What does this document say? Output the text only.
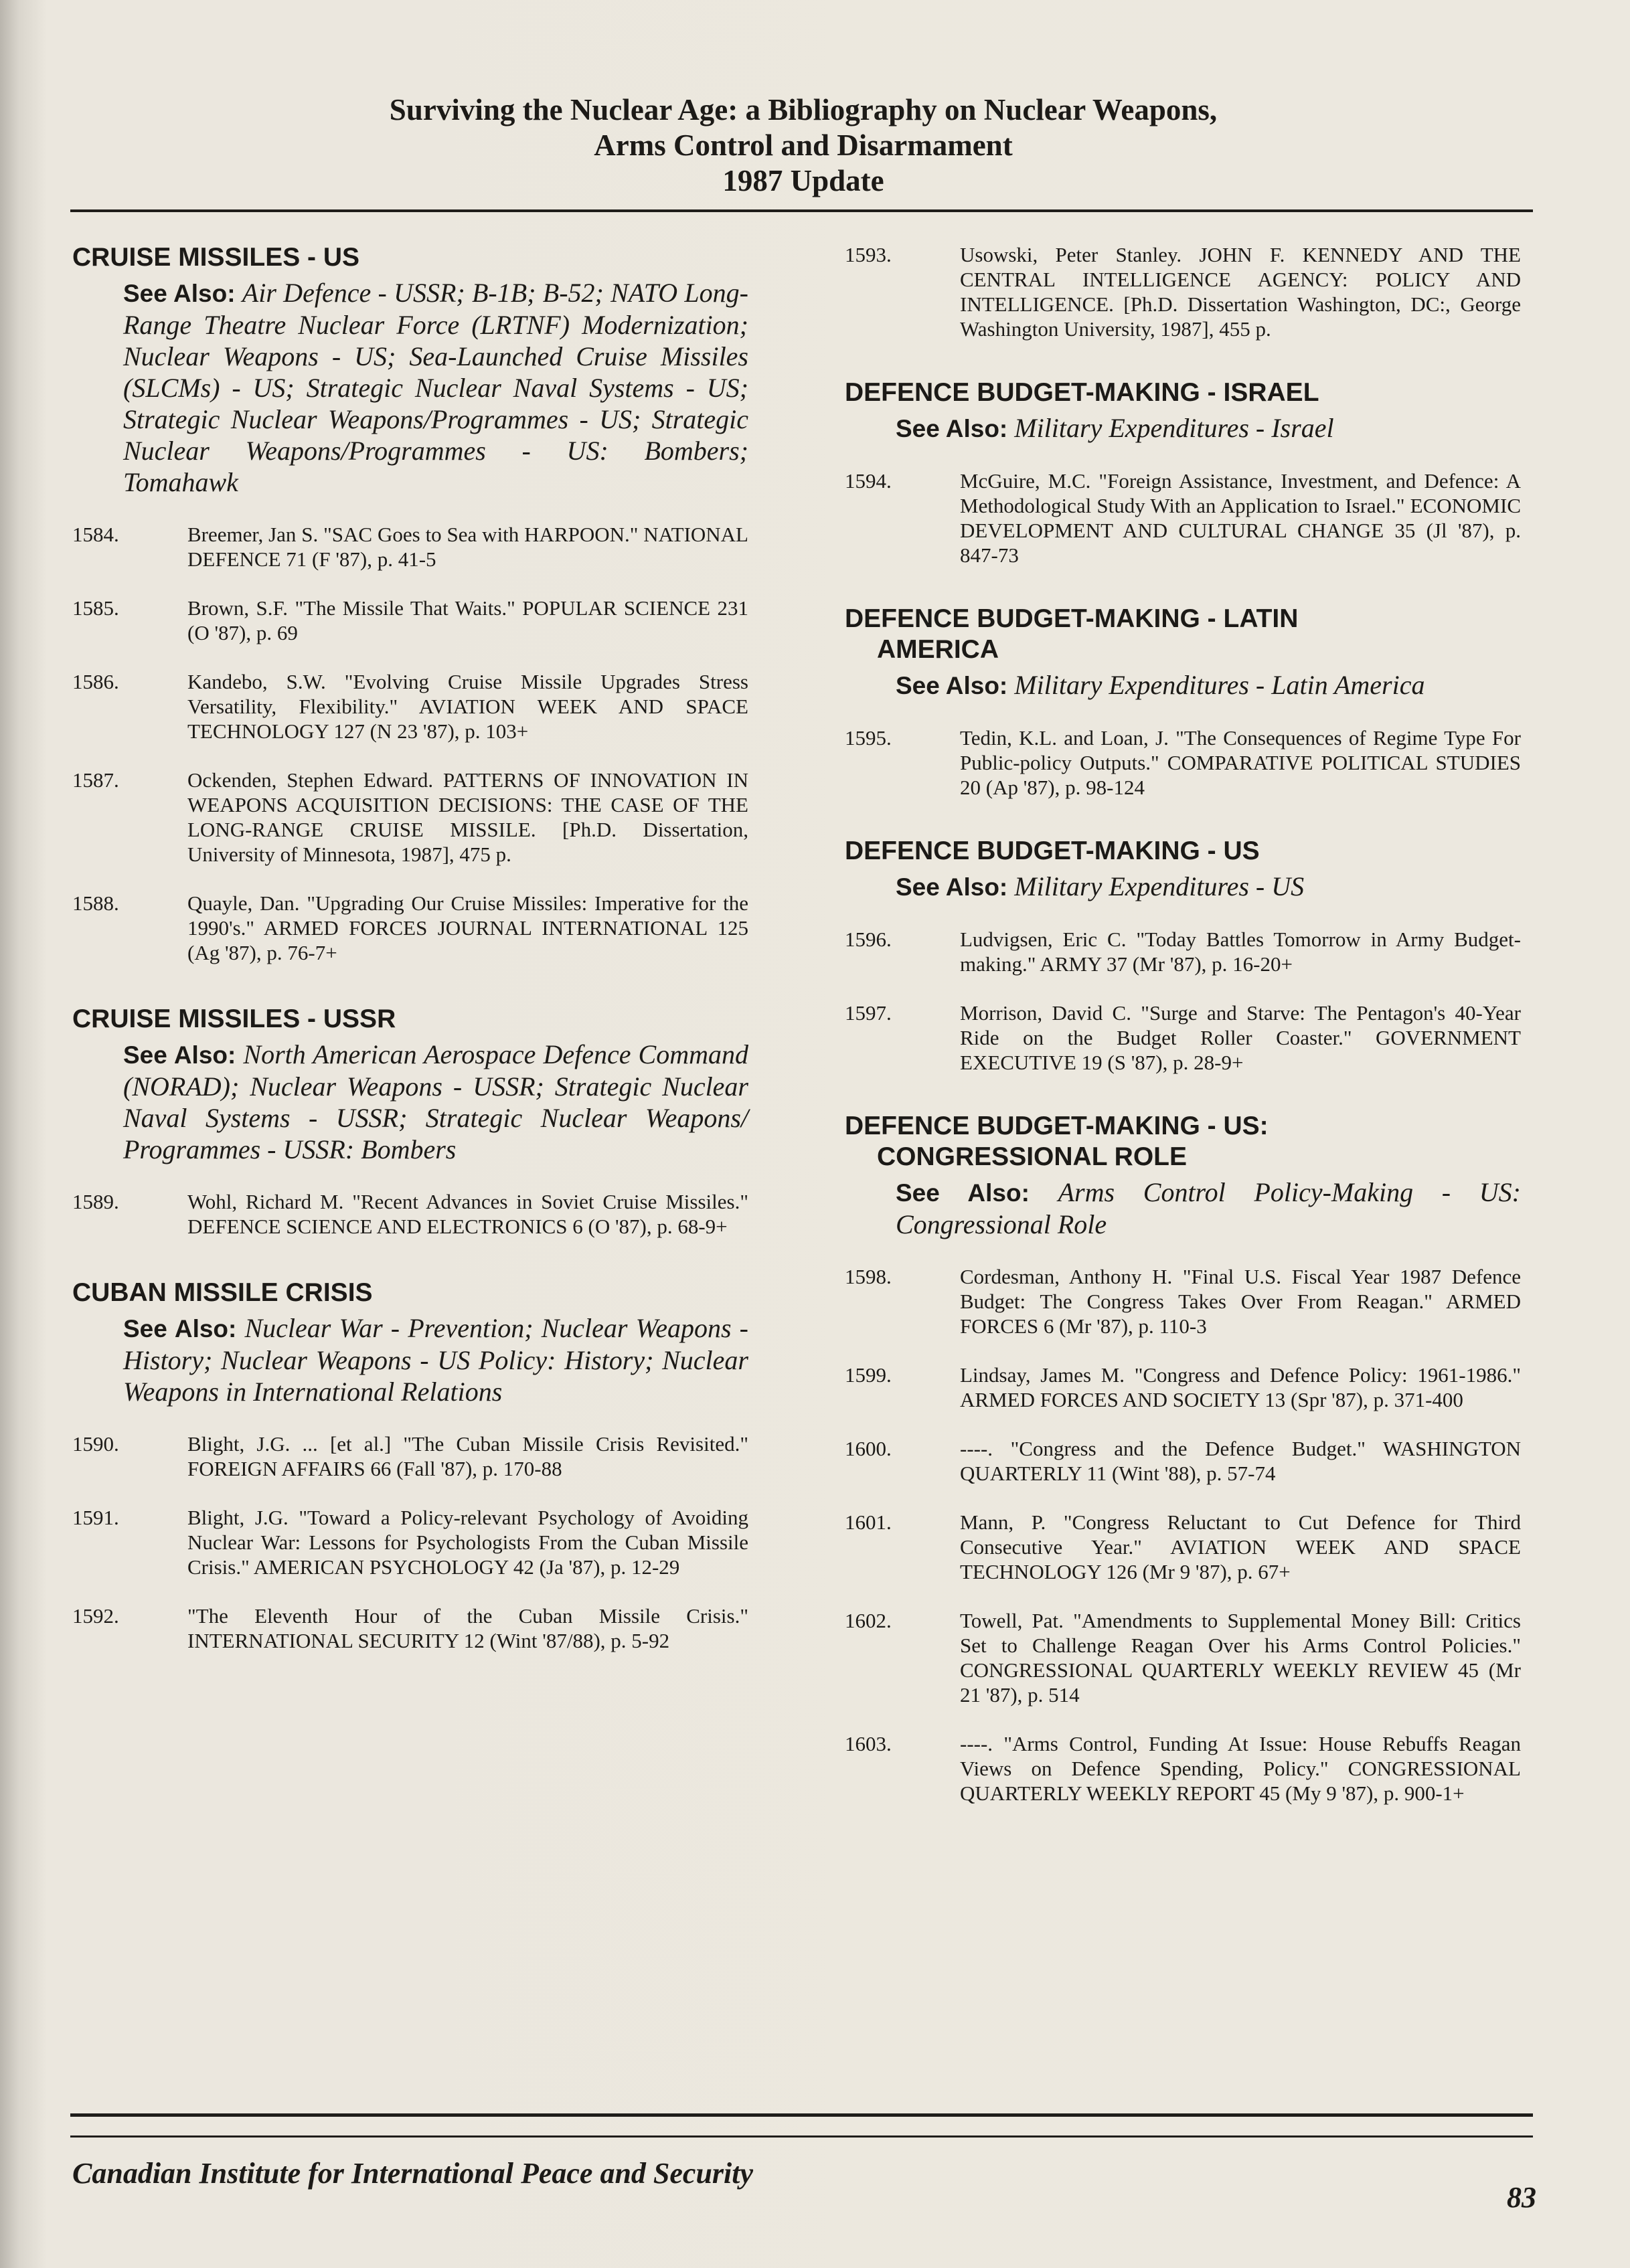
Surviving the Nuclear Age: a Bibliography on Nuclear Weapons,
Arms Control and Disarmament
1987 Update
CRUISE MISSILES - US
See Also: Air Defence - USSR; B-1B; B-52; NATO Long-Range Theatre Nuclear Force (LRTNF) Modernization; Nuclear Weapons - US; Sea-Launched Cruise Missiles (SLCMs) - US; Strategic Nuclear Naval Systems - US; Strategic Nuclear Weapons/Programmes - US; Strategic Nuclear Weapons/Programmes - US: Bombers; Tomahawk
1584.	Breemer, Jan S. "SAC Goes to Sea with HARPOON." NATIONAL DEFENCE 71 (F '87), p. 41-5
1585.	Brown, S.F. "The Missile That Waits." POPULAR SCIENCE 231 (O '87), p. 69
1586.	Kandebo, S.W. "Evolving Cruise Missile Upgrades Stress Versatility, Flexibility." AVIATION WEEK AND SPACE TECHNOLOGY 127 (N 23 '87), p. 103+
1587.	Ockenden, Stephen Edward. PATTERNS OF INNOVATION IN WEAPONS ACQUISITION DECISIONS: THE CASE OF THE LONG-RANGE CRUISE MISSILE. [Ph.D. Dissertation, University of Minnesota, 1987], 475 p.
1588.	Quayle, Dan. "Upgrading Our Cruise Missiles: Imperative for the 1990's." ARMED FORCES JOURNAL INTERNATIONAL 125 (Ag '87), p. 76-7+
CRUISE MISSILES - USSR
See Also: North American Aerospace Defence Command (NORAD); Nuclear Weapons - USSR; Strategic Nuclear Naval Systems - USSR; Strategic Nuclear Weapons/ Programmes - USSR: Bombers
1589.	Wohl, Richard M. "Recent Advances in Soviet Cruise Missiles." DEFENCE SCIENCE AND ELECTRONICS 6 (O '87), p. 68-9+
CUBAN MISSILE CRISIS
See Also: Nuclear War - Prevention; Nuclear Weapons - History; Nuclear Weapons - US Policy: History; Nuclear Weapons in International Relations
1590.	Blight, J.G. ... [et al.] "The Cuban Missile Crisis Revisited." FOREIGN AFFAIRS 66 (Fall '87), p. 170-88
1591.	Blight, J.G. "Toward a Policy-relevant Psychology of Avoiding Nuclear War: Lessons for Psychologists From the Cuban Missile Crisis." AMERICAN PSYCHOLOGY 42 (Ja '87), p. 12-29
1592.	"The Eleventh Hour of the Cuban Missile Crisis." INTERNATIONAL SECURITY 12 (Wint '87/88), p. 5-92
1593.	Usowski, Peter Stanley. JOHN F. KENNEDY AND THE CENTRAL INTELLIGENCE AGENCY: POLICY AND INTELLIGENCE. [Ph.D. Dissertation Washington, DC:, George Washington University, 1987], 455 p.
DEFENCE BUDGET-MAKING - ISRAEL
See Also: Military Expenditures - Israel
1594.	McGuire, M.C. "Foreign Assistance, Investment, and Defence: A Methodological Study With an Application to Israel." ECONOMIC DEVELOPMENT AND CULTURAL CHANGE 35 (Jl '87), p. 847-73
DEFENCE BUDGET-MAKING - LATIN
AMERICA
See Also: Military Expenditures - Latin America
1595.	Tedin, K.L. and Loan, J. "The Consequences of Regime Type For Public-policy Outputs." COMPARATIVE POLITICAL STUDIES 20 (Ap '87), p. 98-124
DEFENCE BUDGET-MAKING - US
See Also: Military Expenditures - US
1596.	Ludvigsen, Eric C. "Today Battles Tomorrow in Army Budget-making." ARMY 37 (Mr '87), p. 16-20+
1597.	Morrison, David C. "Surge and Starve: The Pentagon's 40-Year Ride on the Budget Roller Coaster." GOVERNMENT EXECUTIVE 19 (S '87), p. 28-9+
DEFENCE BUDGET-MAKING - US:
CONGRESSIONAL ROLE
See Also: Arms Control Policy-Making - US: Congressional Role
1598.	Cordesman, Anthony H. "Final U.S. Fiscal Year 1987 Defence Budget: The Congress Takes Over From Reagan." ARMED FORCES 6 (Mr '87), p. 110-3
1599.	Lindsay, James M. "Congress and Defence Policy: 1961-1986." ARMED FORCES AND SOCIETY 13 (Spr '87), p. 371-400
1600.	----. "Congress and the Defence Budget." WASHINGTON QUARTERLY 11 (Wint '88), p. 57-74
1601.	Mann, P. "Congress Reluctant to Cut Defence for Third Consecutive Year." AVIATION WEEK AND SPACE TECHNOLOGY 126 (Mr 9 '87), p. 67+
1602.	Towell, Pat. "Amendments to Supplemental Money Bill: Critics Set to Challenge Reagan Over his Arms Control Policies." CONGRESSIONAL QUARTERLY WEEKLY REVIEW 45 (Mr 21 '87), p. 514
1603.	----. "Arms Control, Funding At Issue: House Rebuffs Reagan Views on Defence Spending, Policy." CONGRESSIONAL QUARTERLY WEEKLY REPORT 45 (My 9 '87), p. 900-1+
Canadian Institute for International Peace and Security
83
